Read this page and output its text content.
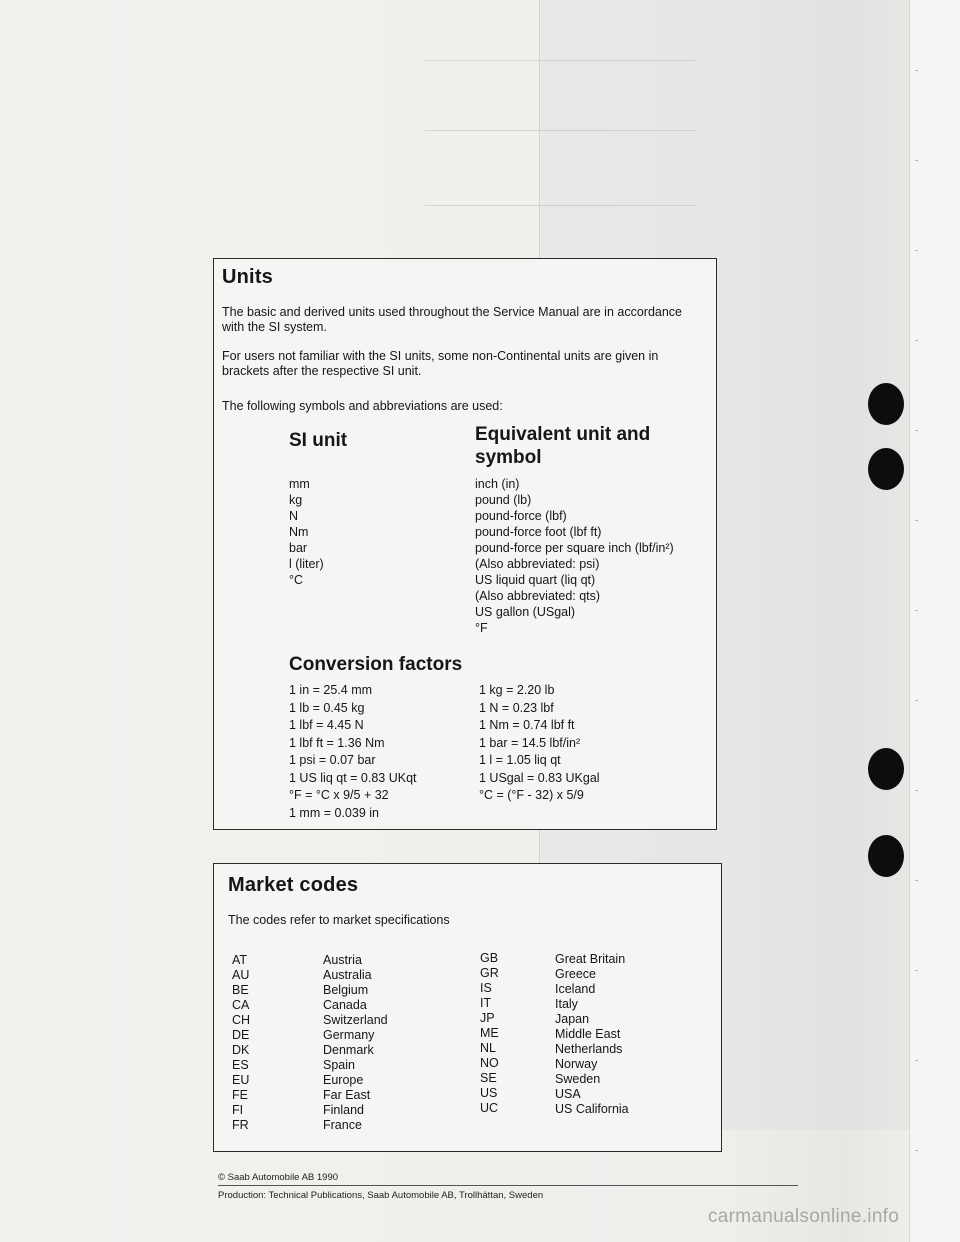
Units

The basic and derived units used throughout the Service Manual are in accordance with the SI system.

For users not familiar with the SI units, some non-Continental units are given in brackets after the respective SI unit.

The following symbols and abbreviations are used:

SI unit	Equivalent unit and symbol
mm
kg
N
Nm
bar
l (liter)
°C
inch (in)
pound (lb)
pound-force (lbf)
pound-force foot (lbf ft)
pound-force per square inch (lbf/in²)
(Also abbreviated: psi)
US liquid quart (liq qt)
(Also abbreviated: qts)
US gallon (USgal)
°F
Conversion factors
1 in = 25.4 mm
1 lb = 0.45 kg
1 lbf = 4.45 N
1 lbf ft = 1.36 Nm
1 psi = 0.07 bar
1 US liq qt = 0.83 UKqt
°F = °C x 9/5 + 32
1 mm = 0.039 in
1 kg = 2.20 lb
1 N = 0.23 lbf
1 Nm = 0.74 lbf ft
1 bar = 14.5 lbf/in²
1 l = 1.05 liq qt
1 USgal = 0.83 UKgal
°C = (°F - 32) x 5/9
Market codes
The codes refer to market specifications
AT
AU
BE
CA
CH
DE
DK
ES
EU
FE
FI
FR
Austria
Australia
Belgium
Canada
Switzerland
Germany
Denmark
Spain
Europe
Far East
Finland
France
GB
GR
IS
IT
JP
ME
NL
NO
SE
US
UC
Great Britain
Greece
Iceland
Italy
Japan
Middle East
Netherlands
Norway
Sweden
USA
US California
© Saab Automobile AB 1990
Production: Technical Publications, Saab Automobile AB, Trollhättan, Sweden
carmanualsonline.info
